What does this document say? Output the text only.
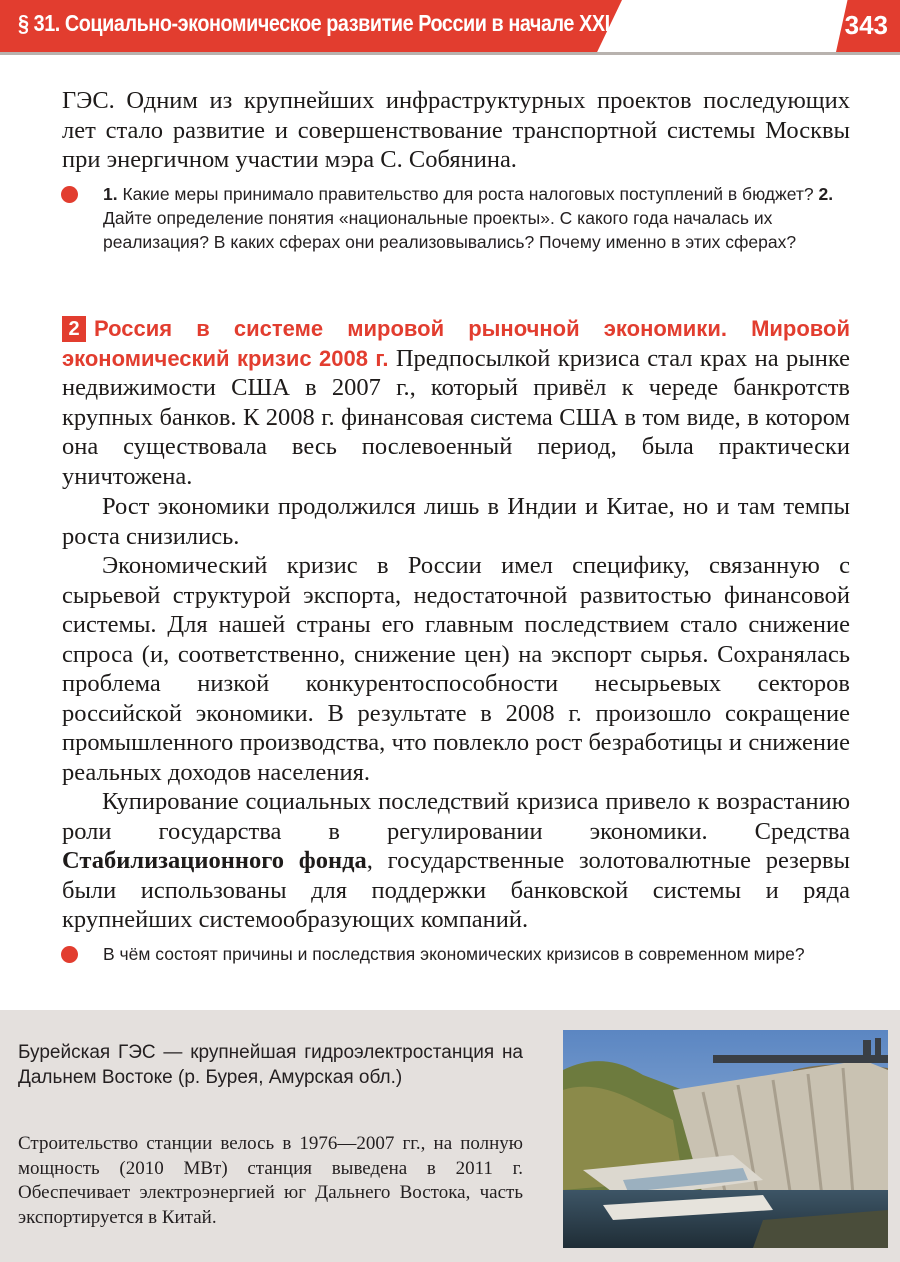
§ 31. Социально-экономическое развитие России в начале XXI в.	343
ГЭС. Одним из крупнейших инфраструктурных проектов последующих лет стало развитие и совершенствование транспортной системы Москвы при энергичном участии мэра С. Собянина.
1. Какие меры принимало правительство для роста налоговых поступлений в бюджет? 2. Дайте определение понятия «национальные проекты». С какого года началась их реализация? В каких сферах они реализовывались? Почему именно в этих сферах?
2 Россия в системе мировой рыночной экономики. Мировой экономический кризис 2008 г. Предпосылкой кризиса стал крах на рынке недвижимости США в 2007 г., который привёл к череде банкротств крупных банков. К 2008 г. финансовая система США в том виде, в котором она существовала весь послевоенный период, была практически уничтожена.
Рост экономики продолжился лишь в Индии и Китае, но и там темпы роста снизились.
Экономический кризис в России имел специфику, связанную с сырьевой структурой экспорта, недостаточной развитостью финансовой системы. Для нашей страны его главным последствием стало снижение спроса (и, соответственно, снижение цен) на экспорт сырья. Сохранялась проблема низкой конкурентоспособности несырьевых секторов российской экономики. В результате в 2008 г. произошло сокращение промышленного производства, что повлекло рост безработицы и снижение реальных доходов населения.
Купирование социальных последствий кризиса привело к возрастанию роли государства в регулировании экономики. Средства Стабилизационного фонда, государственные золотовалютные резервы были использованы для поддержки банковской системы и ряда крупнейших системообразующих компаний.
В чём состоят причины и последствия экономических кризисов в современном мире?
Бурейская ГЭС — крупнейшая гидроэлектростанция на Дальнем Востоке (р. Бурея, Амурская обл.)
Строительство станции велось в 1976—2007 гг., на полную мощность (2010 МВт) станция выведена в 2011 г. Обеспечивает электроэнергией юг Дальнего Востока, часть экспортируется в Китай.
